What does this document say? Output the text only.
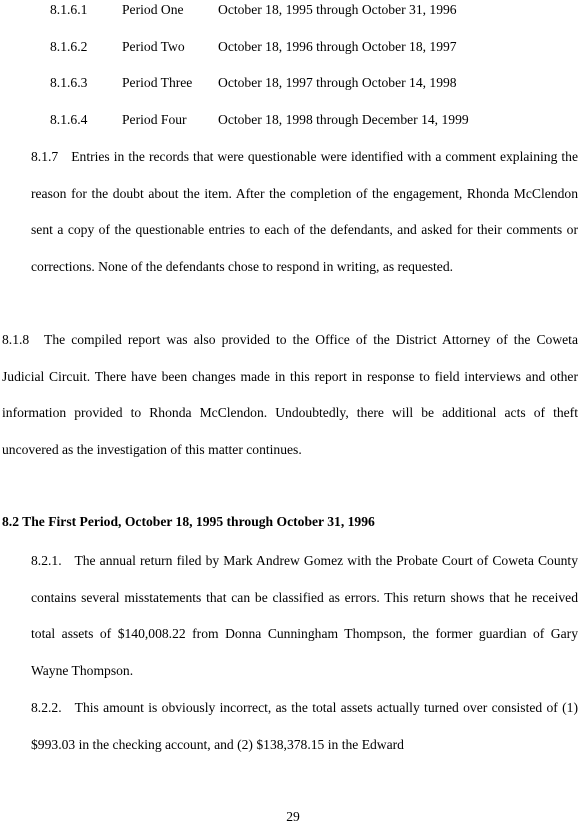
8.1.6.1	Period One	October 18, 1995 through October 31, 1996
8.1.6.2	Period Two October 18, 1996 through October 18, 1997
8.1.6.3	Period Three October 18, 1997 through October 14, 1998
8.1.6.4	Period Four October 18, 1998 through December 14, 1999

8.1.7 Entries in the records that were questionable were identified with a comment explaining the reason for the doubt about the item. After the completion of the engagement, Rhonda McClendon sent a copy of the questionable entries to each of the defendants, and asked for their comments or corrections. None of the defendants chose to respond in writing, as requested.

8.1.8 The compiled report was also provided to the Office of the District Attorney of the Coweta Judicial Circuit. There have been changes made in this report in response to field interviews and other information provided to Rhonda McClendon. Undoubtedly, there will be additional acts of theft uncovered as the investigation of this matter continues.

8.2 The First Period, October 18, 1995 through October 31, 1996

8.2.1. The annual return filed by Mark Andrew Gomez with the Probate Court of Coweta County contains several misstatements that can be classified as errors. This return shows that he received total assets of $140,008.22 from Donna Cunningham Thompson, the former guardian of Gary Wayne Thompson.

8.2.2. This amount is obviously incorrect, as the total assets actually turned over consisted of (1) $993.03 in the checking account, and (2) $138,378.15 in the Edward

29
